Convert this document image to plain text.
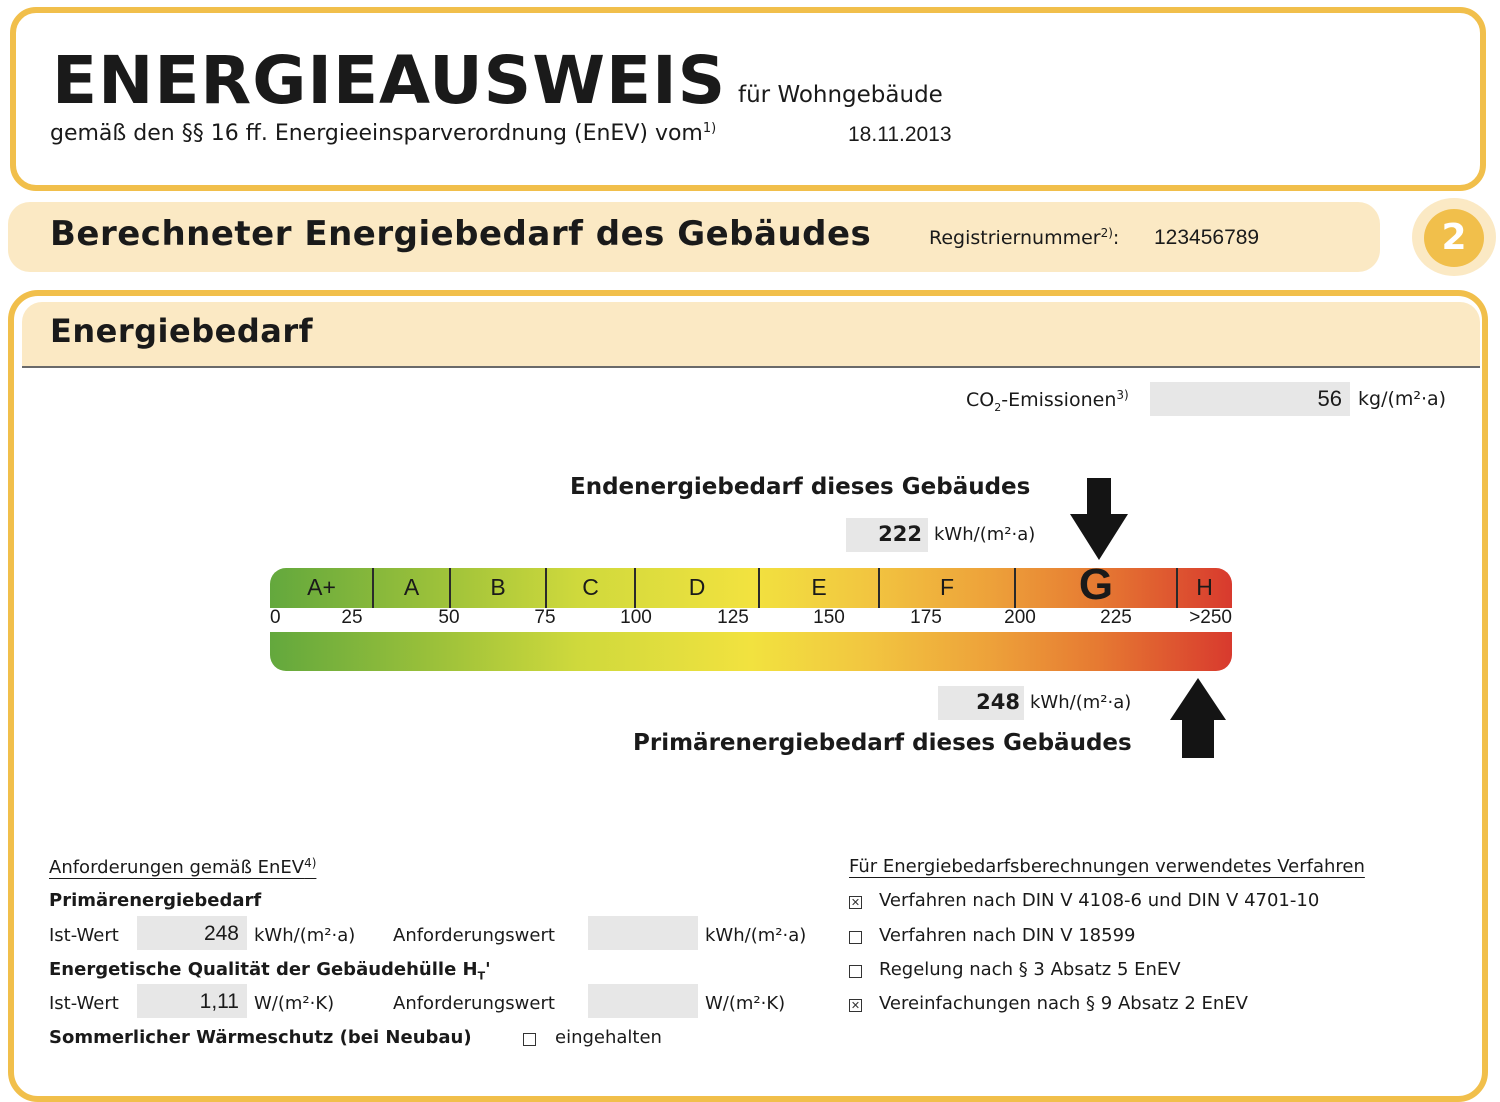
ENERGIEAUSWEIS für Wohngebäude
gemäß den §§ 16 ff. Energieeinsparverordnung (EnEV) vom$^{1)}$	18.11.2013
Berechneter Energiebedarf des Gebäudes	Registriernummer$^{2)}$: 123456789	2
Energiebedarf
$CO_2-Emissionen^{3)}$	56 kg/(m²·a)
Endenergiebedarf dieses Gebäudes
222 kWh/(m²·a)
A+	A	B	C	D	E	F	G	H
0	25	50	75	100	125	150	175	200	225	>250
248 kWh/(m²·a)
Primärenergiebedarf dieses Gebäudes
Anforderungen gemäß EnEV$^{4)}$
Primärenergiebedarf
Ist-Wert	248 kWh/(m²·a) Anforderungswert	kWh/(m²·a)
Energetische Qualität der Gebäudehülle $H_T'$
Ist-Wert	1,11 W/(m²·K)	Anforderungswert	W/(m²·K)
Sommerlicher Wärmeschutz (bei Neubau)	eingehalten
Für Energiebedarfsberechnungen verwendetes Verfahren
✕ Verfahren nach DIN V 4108-6 und DIN V 4701-10
Verfahren nach DIN V 18599
Regelung nach § 3 Absatz 5 EnEV
✕ Vereinfachungen nach § 9 Absatz 2 EnEV
